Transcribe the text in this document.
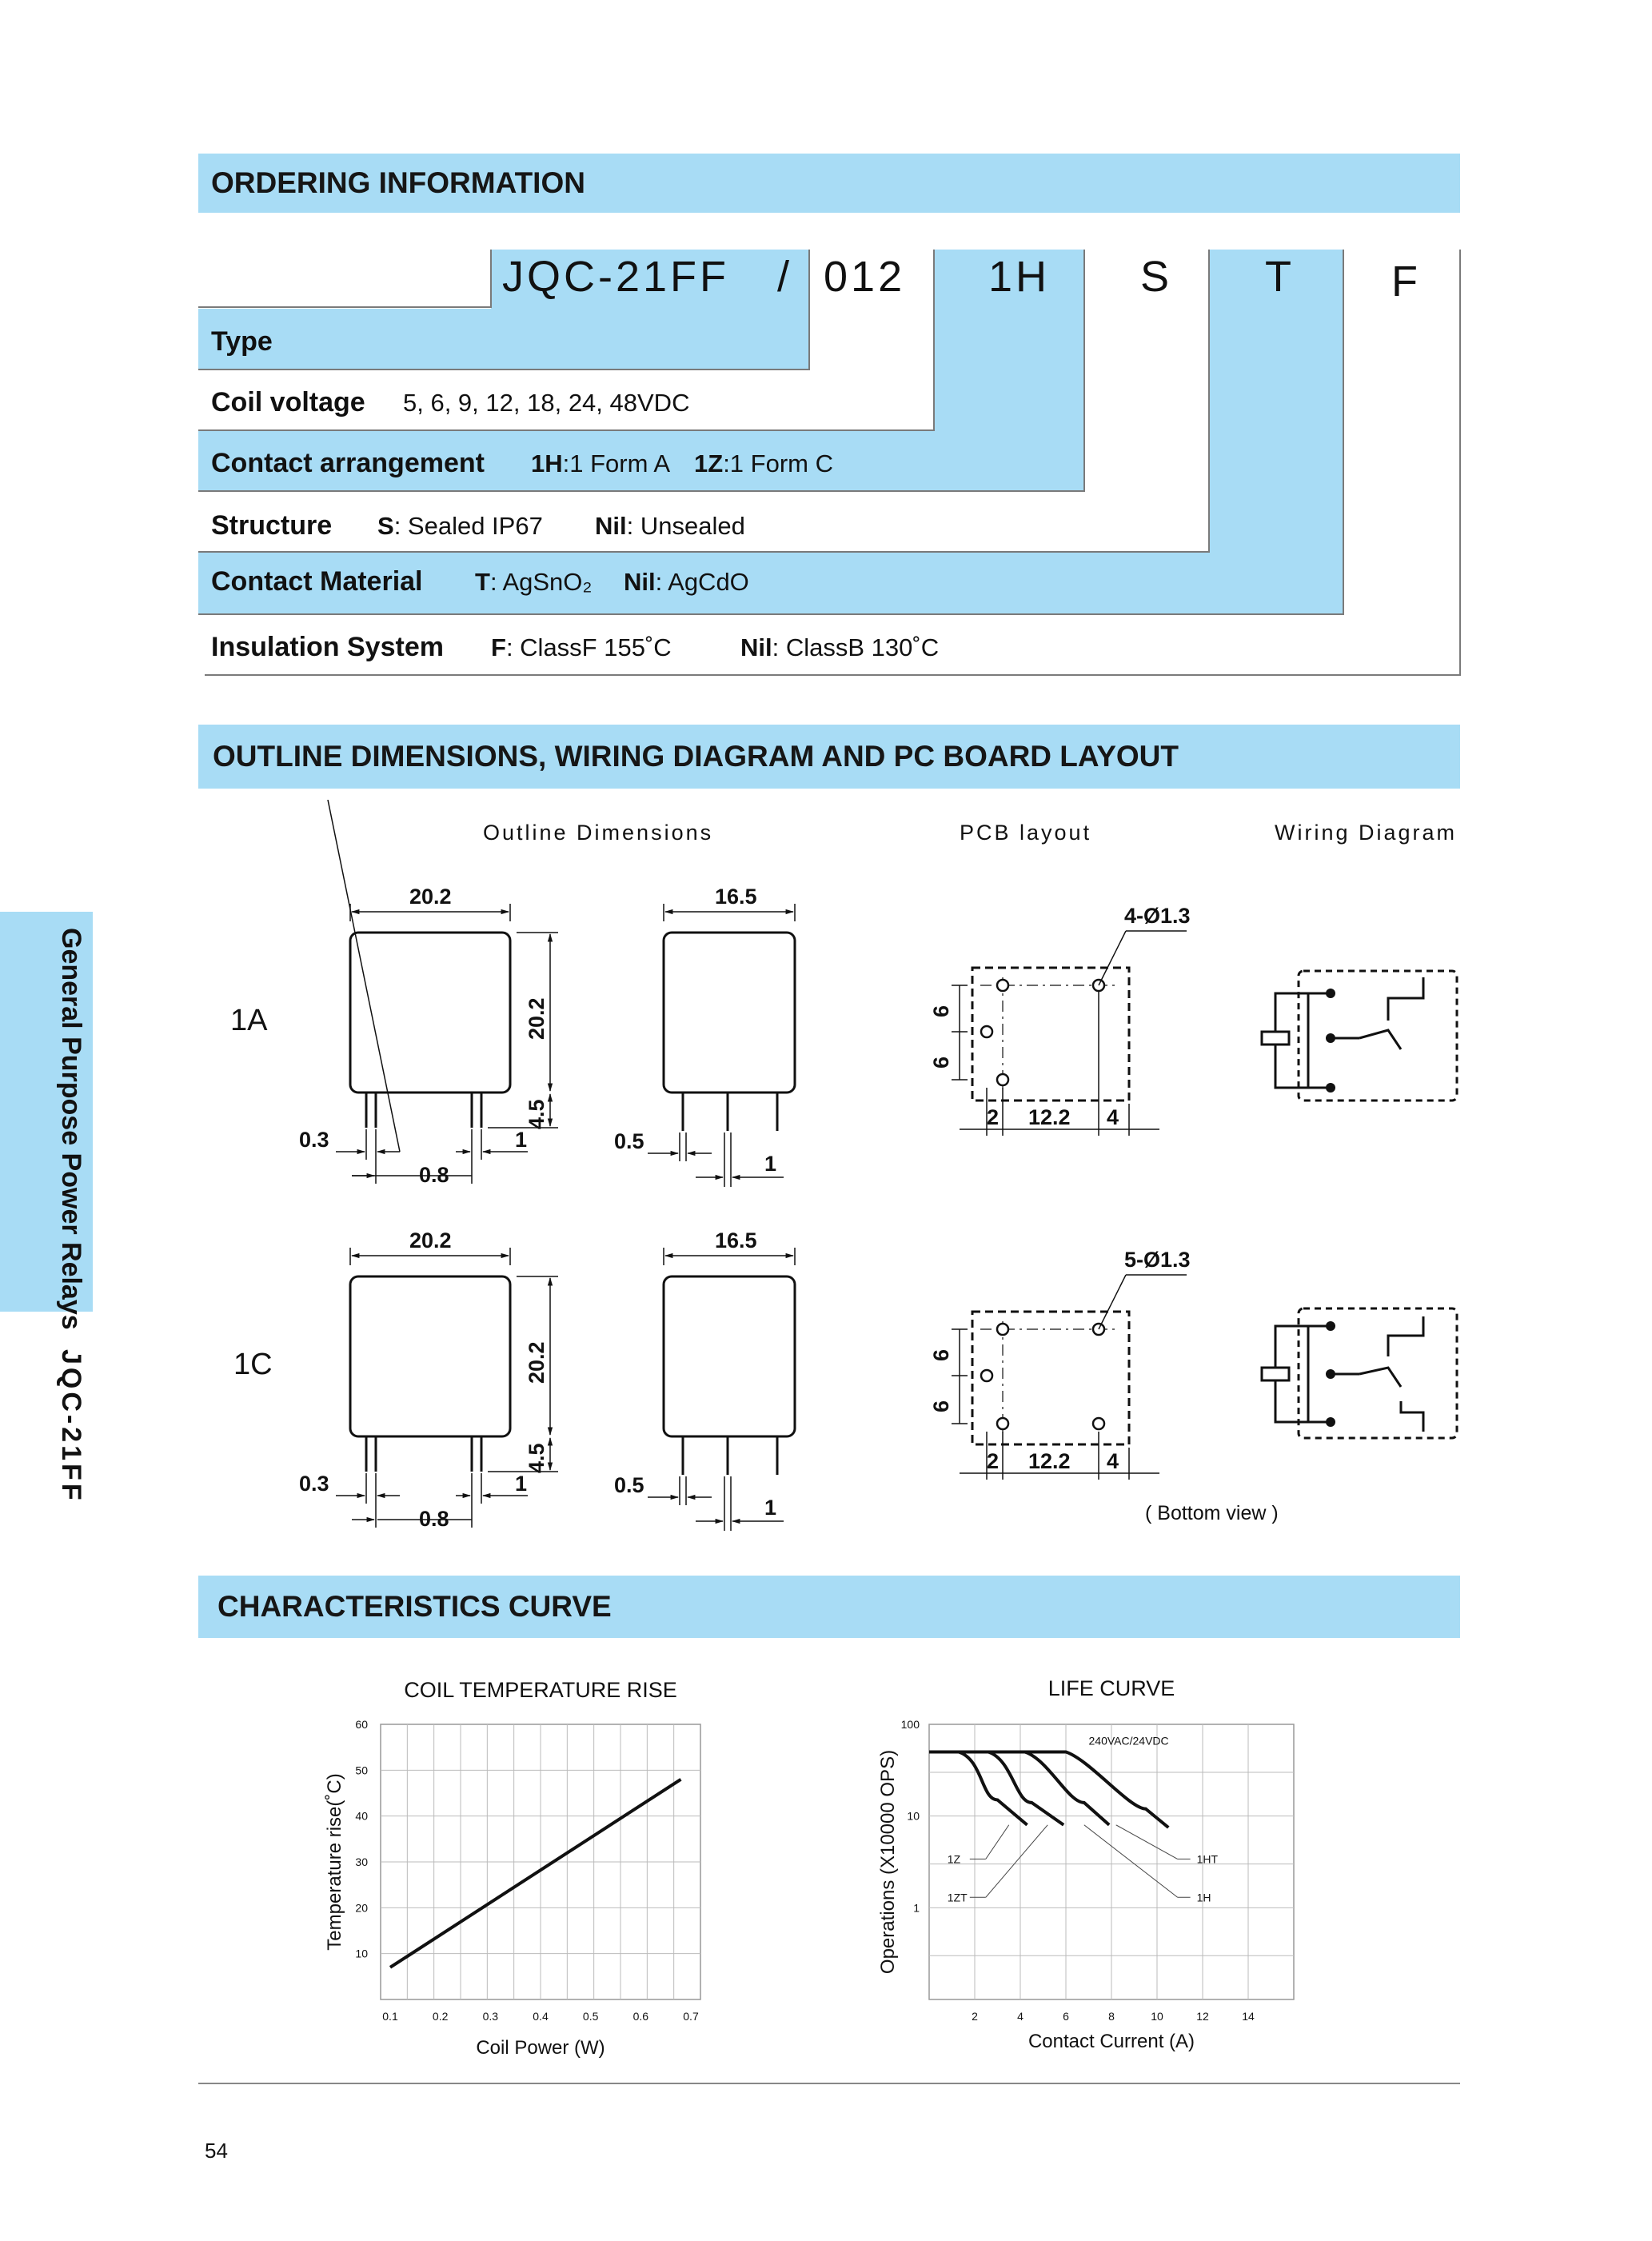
ORDERING INFORMATION
JQC-21FF / 012 1H S T F
Type
Coil voltage 5, 6, 9, 12, 18, 24, 48VDC
Contact arrangement 1H:1 Form A 1Z:1 Form C
Structure S: Sealed IP67 Nil: Unsealed
Contact Material T: AgSnO₂ Nil: AgCdO
Insulation System F: ClassF 155˚C	Nil: ClassB 130˚C
OUTLINE DIMENSIONS, WIRING DIAGRAM AND PC BOARD LAYOUT
Outline Dimensions	PCB layout	Wiring Diagram
1A
20.2
20.2
4.5
0.3
0.8
1
16.5
0.5
1
4-Ø1.3
6
6
2 12.2 4
1C
20.2
20.2
4.5
0.3
0.8
1
16.5
0.5
1
5-Ø1.3
6
6
2 12.2 4
( Bottom view )
CHARACTERISTICS CURVE
0.1	0.2	0.3	0.4	0.5	0.6	0.7
10
20
30
40
50
60
COIL TEMPERATURE RISE
Coil Power (W)
Temperature rise(˚C)
2	4	6	8	10	12	14
1
10
100
LIFE CURVE
Contact Current (A)
Operations (X10000 OPS)
240VAC/24VDC
1Z
1ZT
1HT
1H
General Purpose Power Relays
JQC-21FF
54
